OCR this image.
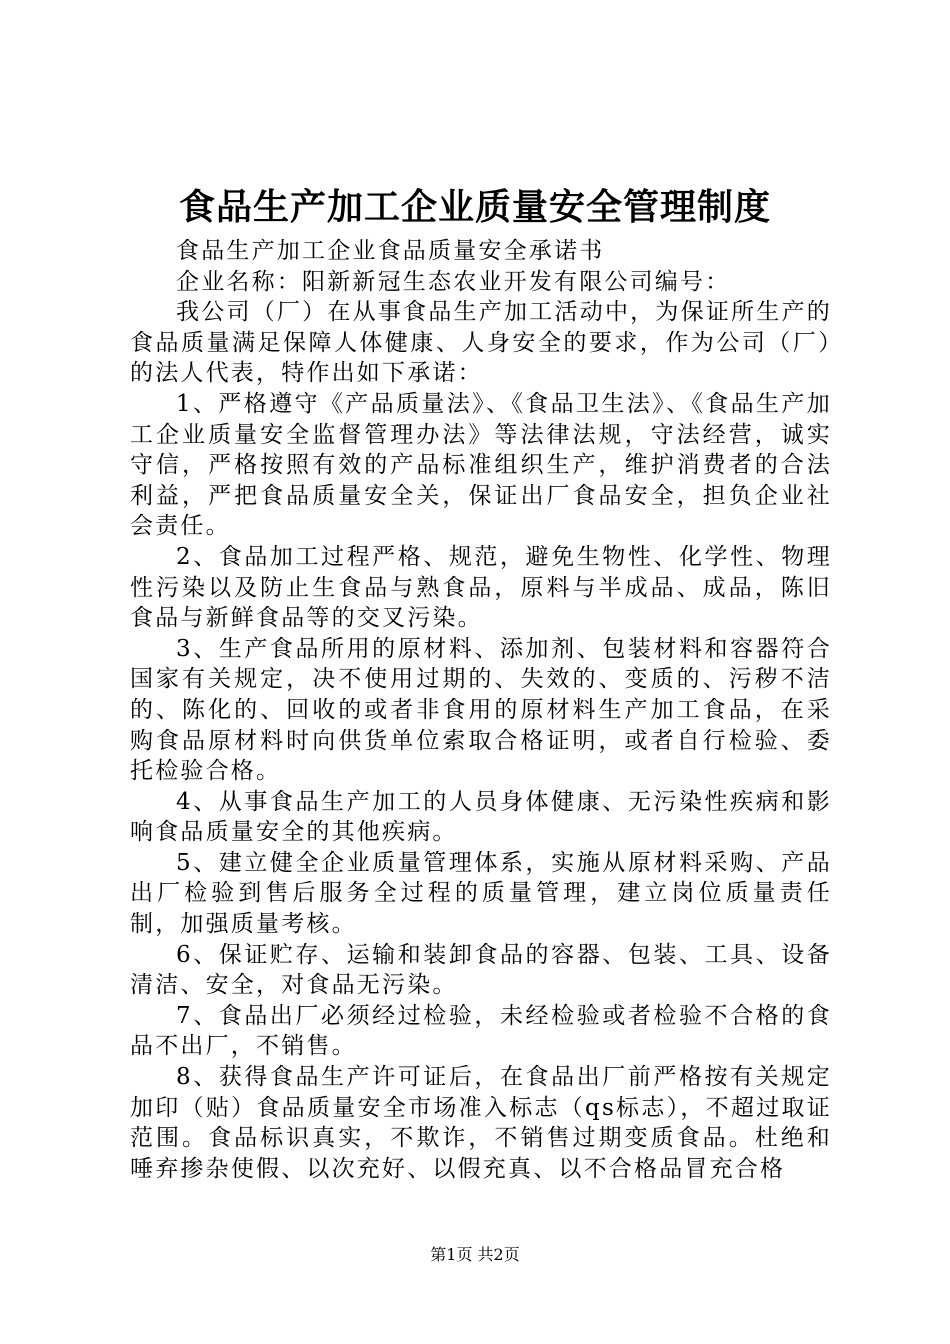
食品生产加工企业质量安全管理制度

食品生产加工企业食品质量安全承诺书

企业名称：阳新新冠生态农业开发有限公司编号：

我公司（厂）在从事食品生产加工活动中，为保证所生产的食品质量满足保障人体健康、人身安全的要求，作为公司（厂）的法人代表，特作出如下承诺：

1、严格遵守《产品质量法》、《食品卫生法》、《食品生产加工企业质量安全监督管理办法》等法律法规，守法经营，诚实守信，严格按照有效的产品标准组织生产，维护消费者的合法利益，严把食品质量安全关，保证出厂食品安全，担负企业社会责任。

2、食品加工过程严格、规范，避免生物性、化学性、物理性污染以及防止生食品与熟食品，原料与半成品、成品，陈旧食品与新鲜食品等的交叉污染。

3、生产食品所用的原材料、添加剂、包装材料和容器符合国家有关规定，决不使用过期的、失效的、变质的、污秽不洁的、陈化的、回收的或者非食用的原材料生产加工食品，在采购食品原材料时向供货单位索取合格证明，或者自行检验、委托检验合格。

4、从事食品生产加工的人员身体健康、无污染性疾病和影响食品质量安全的其他疾病。

5、建立健全企业质量管理体系，实施从原材料采购、产品出厂检验到售后服务全过程的质量管理，建立岗位质量责任制，加强质量考核。

6、保证贮存、运输和装卸食品的容器、包装、工具、设备清洁、安全，对食品无污染。

7、食品出厂必须经过检验，未经检验或者检验不合格的食品不出厂，不销售。

8、获得食品生产许可证后，在食品出厂前严格按有关规定加印（贴）食品质量安全市场准入标志（qs标志），不超过取证范围。食品标识真实，不欺诈，不销售过期变质食品。杜绝和唾弃掺杂使假、以次充好、以假充真、以不合格品冒充合格

第1页 共2页
